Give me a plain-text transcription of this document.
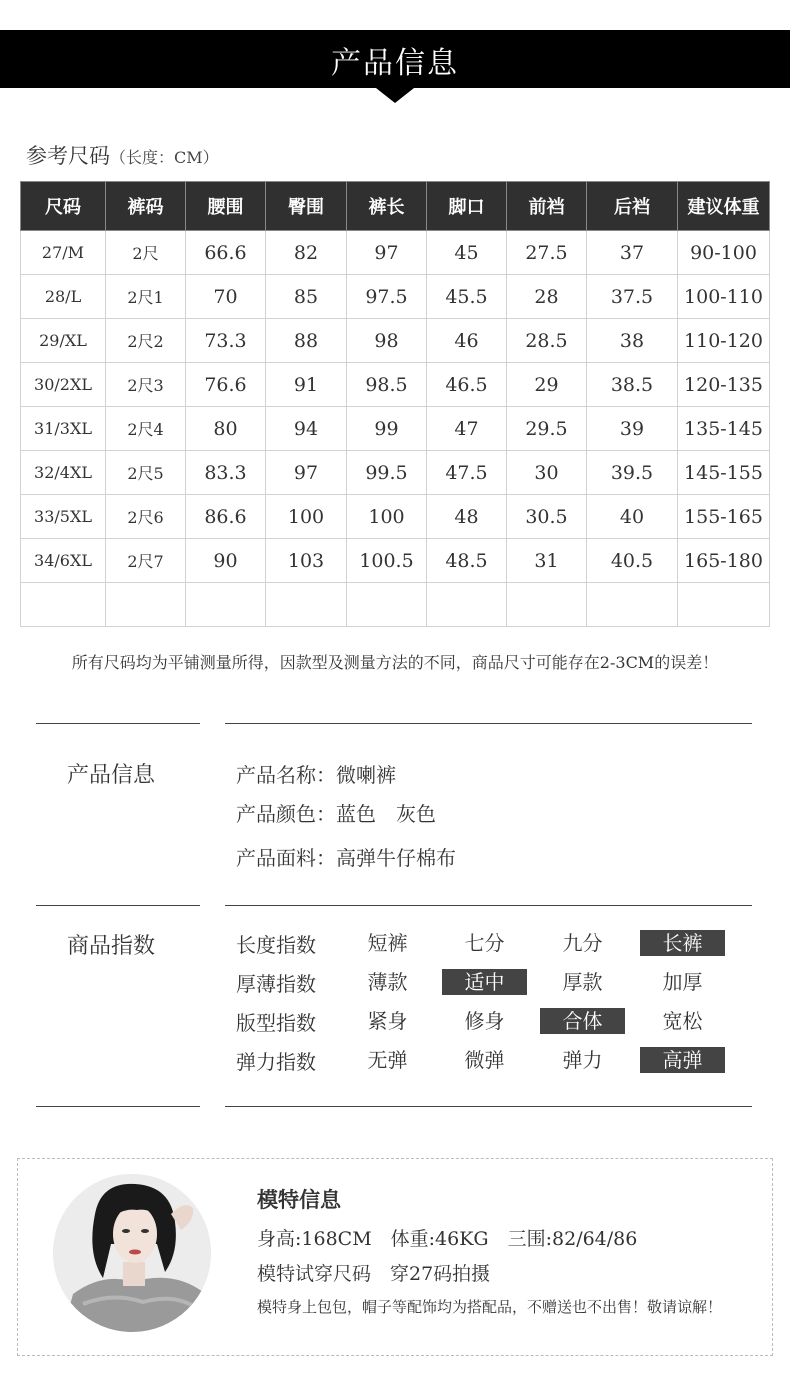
产品信息
参考尺码（长度：CM）
尺码	裤码	腰围	臀围	裤长	脚口	前裆	后裆	建议体重
27/M	2尺	66.6	82	97	45	27.5	37	90-100
28/L	2尺1	70	85	97.5	45.5	28	37.5	100-110
29/XL	2尺2	73.3	88	98	46	28.5	38	110-120
30/2XL	2尺3	76.6	91	98.5	46.5	29	38.5	120-135
31/3XL	2尺4	80	94	99	47	29.5	39	135-145
32/4XL	2尺5	83.3	97	99.5	47.5	30	39.5	145-155
33/5XL	2尺6	86.6	100	100	48	30.5	40	155-165
34/6XL	2尺7	90	103	100.5	48.5	31	40.5	165-180

所有尺码均为平铺测量所得，因款型及测量方法的不同，商品尺寸可能存在2-3CM的误差！
产品信息	产品名称：微喇裤
产品颜色：蓝色　灰色
产品面料：高弹牛仔棉布
商品指数	长度指数	短裤	七分	九分	长裤
厚薄指数	薄款	适中	厚款	加厚
版型指数	紧身	修身	合体	宽松
弹力指数	无弹	微弹	弹力	高弹
模特信息
身高:168CM　体重:46KG　三围:82/64/86
模特试穿尺码　穿27码拍摄
模特身上包包，帽子等配饰均为搭配品，不赠送也不出售！敬请谅解！
